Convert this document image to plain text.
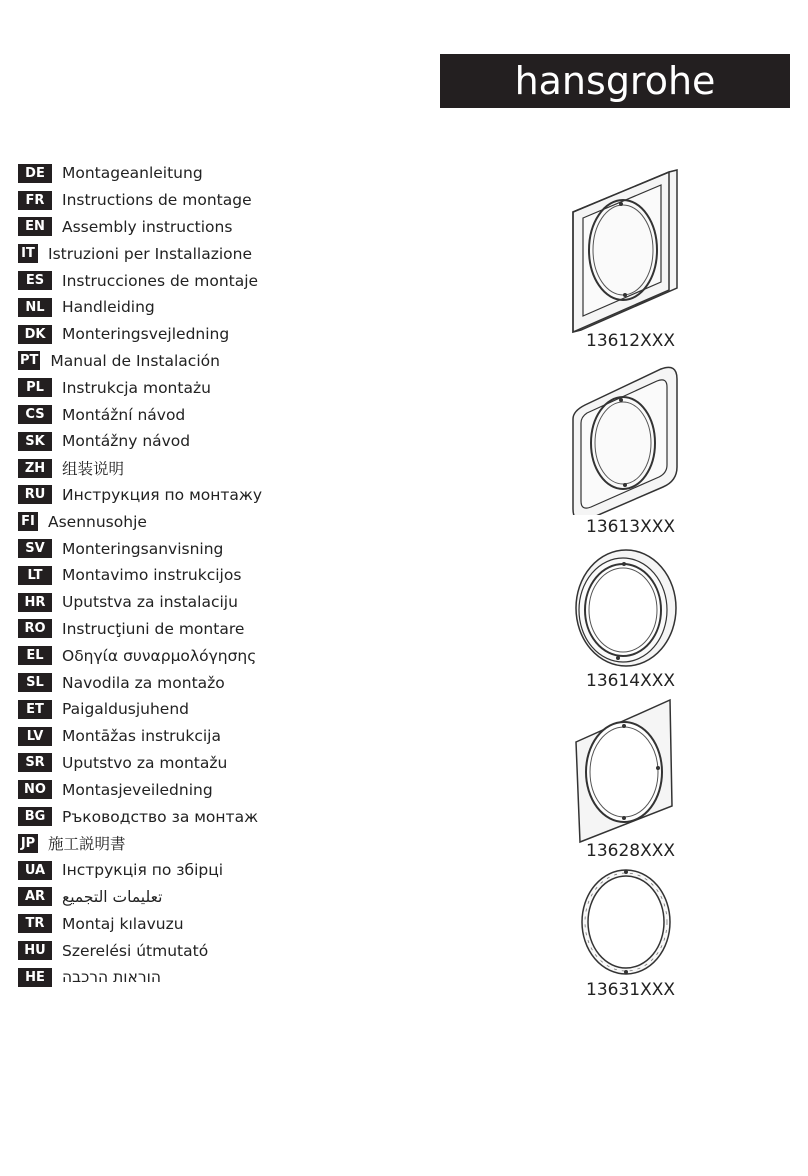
hansgrohe
DE	Montageanleitung
FR	Instructions de montage
EN	Assembly instructions
IT Istruzioni per Installazione
ES	Instrucciones de montaje
NL	Handleiding
DK	Monteringsvejledning
PT Manual de Instalación
PL	Instrukcja montażu
CS	Montážní návod
SK	Montážny návod
ZH	组装说明
RU	Инструкция по монтажу
FI Asennusohje
SV	Monteringsanvisning
LT	Montavimo instrukcijos
HR	Uputstva za instalaciju
RO	Instrucţiuni de montare
EL	Οδηγία συναρμολόγησης
SL	Navodila za montažo
ET	Paigaldusjuhend
LV	Montāžas instrukcija
SR	Uputstvo za montažu
NO	Montasjeveiledning
BG	Ръководство за монтаж
JP 施工説明書
UA	Інструкція по збірці
AR	تعليمات التجميع
TR	Montaj kılavuzu
HU	Szerelési útmutató
HE	הוראות הרכבה
13612XXX
13613XXX
13614XXX
13628XXX
13631XXX
